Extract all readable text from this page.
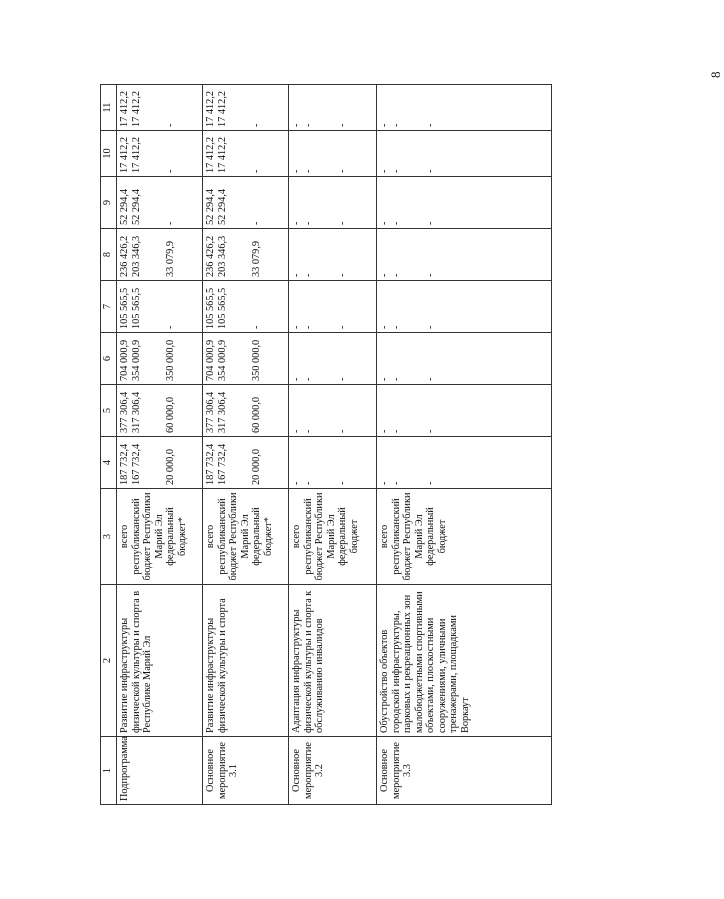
8
1	2	3	4	5	6	7	8	9	10	11
Подпрограмма	Развитие инфраструктуры физической культуры и спорта в Республике Марий Эл	всего республиканский бюджет Республики Марий Эл федеральный бюджет*	187 732,4 167 732,4 20 000,0	377 306,4 317 306,4 60 000,0	704 000,9 354 000,9 350 000,0	105 565,5 105 565,5 -	236 426,2 203 346,3 33 079,9	52 294,4 52 294,4 -	17 412,2 17 412,2 -	17 412,2 17 412,2 -

Основное мероприятие 3.1	Развитие инфраструктуры физической культуры и спорта	всего республиканский бюджет Республики Марий Эл федеральный бюджет*	187 732,4 167 732,4 20 000,0	377 306,4 317 306,4 60 000,0	704 000,9 354 000,9 350 000,0	105 565,5 105 565,5 -	236 426,2 203 346,3 33 079,9	52 294,4 52 294,4 -	17 412,2 17 412,2 -	17 412,2 17 412,2 -

Основное мероприятие 3.2	Адаптация инфраструктуры физической культуры и спорта к обслуживанию инвалидов	всего республиканский бюджет Республики Марий Эл федеральный бюджет	- - -	- - -	- - -	- - -	- - -	- - -	- - -	- - -

Основное мероприятие 3.3	Обустройство объектов городской инфраструктуры, парковых и рекреационных зон малобюджетными спортивными объектами, плоскостными сооружениями, уличными тренажерами, площадками Воркаут	всего республиканский бюджет Республики Марий Эл федеральный бюджет	- - -	- - -	- - -	- - -	- - -	- - -	- - -	- - -
